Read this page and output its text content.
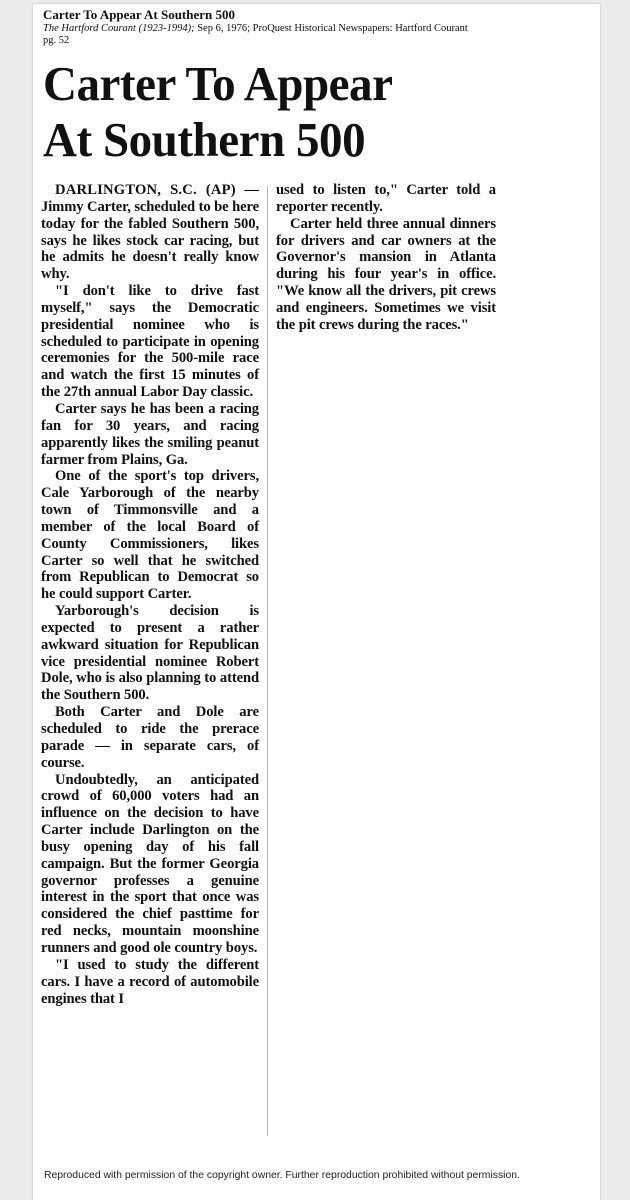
Carter To Appear At Southern 500
The Hartford Courant (1923-1994); Sep 6, 1976; ProQuest Historical Newspapers: Hartford Courant
pg. 52
Carter To Appear
At Southern 500

DARLINGTON, S.C. (AP) — Jimmy Carter, scheduled to be here today for the fabled Southern 500, says he likes stock car racing, but he admits he doesn't really know why.

"I don't like to drive fast myself," says the Democratic presidential nominee who is scheduled to participate in opening ceremonies for the 500-mile race and watch the first 15 minutes of the 27th annual Labor Day classic.

Carter says he has been a racing fan for 30 years, and racing apparently likes the smiling peanut farmer from Plains, Ga.

One of the sport's top drivers, Cale Yarborough of the nearby town of Timmonsville and a member of the local Board of County Commissioners, likes Carter so well that he switched from Republican to Democrat so he could support Carter.

Yarborough's decision is expected to present a rather awkward situation for Republican vice presidential nominee Robert Dole, who is also planning to attend the Southern 500.

Both Carter and Dole are scheduled to ride the prerace parade — in separate cars, of course.

Undoubtedly, an anticipated crowd of 60,000 voters had an influence on the decision to have Carter include Darlington on the busy opening day of his fall campaign. But the former Georgia governor professes a genuine interest in the sport that once was considered the chief pasttime for red necks, mountain moonshine runners and good ole country boys.

"I used to study the different cars. I have a record of automobile engines that I

used to listen to," Carter told a reporter recently.

Carter held three annual dinners for drivers and car owners at the Governor's mansion in Atlanta during his four year's in office. "We know all the drivers, pit crews and engineers. Sometimes we visit the pit crews during the races."

Reproduced with permission of the copyright owner. Further reproduction prohibited without permission.
